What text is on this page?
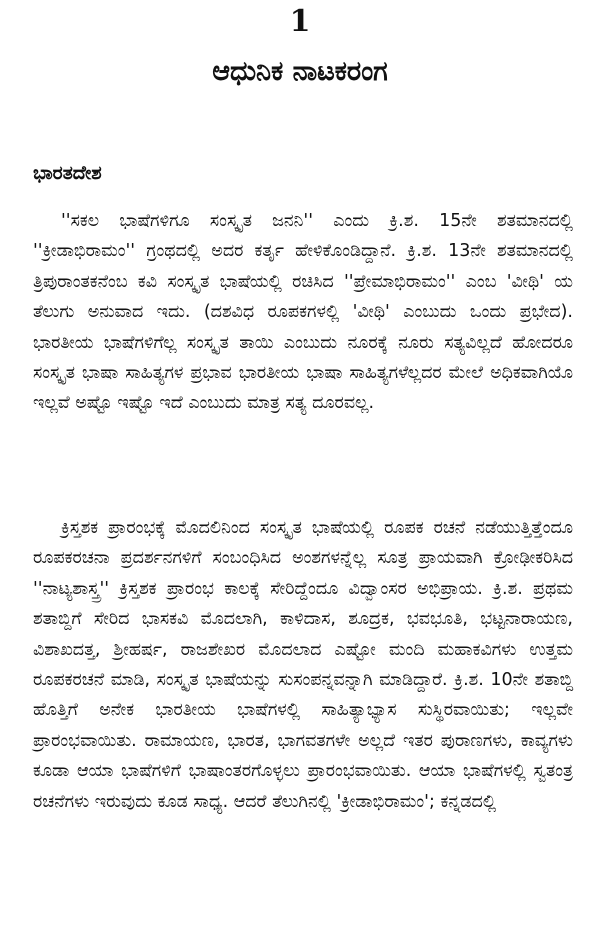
1
ಆಧುನಿಕ ನಾಟಕರಂಗ
ಭಾರತದೇಶ

''ಸಕಲ ಭಾಷೆಗಳಿಗೂ ಸಂಸ್ಕೃತ ಜನನಿ'' ಎಂದು ಕ್ರಿ.ಶ. 15ನೇ ಶತಮಾನದಲ್ಲಿ ''ಕ್ರೀಡಾಭಿರಾಮಂ'' ಗ್ರಂಥದಲ್ಲಿ ಅದರ ಕರ್ತೃ ಹೇಳಿಕೊಂಡಿದ್ದಾನೆ. ಕ್ರಿ.ಶ. 13ನೇ ಶತಮಾನದಲ್ಲಿ ತ್ರಿಪುರಾಂತಕನೆಂಬ ಕವಿ ಸಂಸ್ಕೃತ ಭಾಷೆಯಲ್ಲಿ ರಚಿಸಿದ ''ಪ್ರೇಮಾಭಿರಾಮಂ'' ಎಂಬ 'ವೀಥಿ' ಯ ತೆಲುಗು ಅನುವಾದ ಇದು. (ದಶವಿಧ ರೂಪಕಗಳಲ್ಲಿ 'ವೀಥಿ' ಎಂಬುದು ಒಂದು ಪ್ರಭೇದ). ಭಾರತೀಯ ಭಾಷೆಗಳಿಗೆಲ್ಲ ಸಂಸ್ಕೃತ ತಾಯಿ ಎಂಬುದು ನೂರಕ್ಕೆ ನೂರು ಸತ್ಯವಿಲ್ಲದೆ ಹೋದರೂ ಸಂಸ್ಕೃತ ಭಾಷಾ ಸಾಹಿತ್ಯಗಳ ಪ್ರಭಾವ ಭಾರತೀಯ ಭಾಷಾ ಸಾಹಿತ್ಯಗಳೆಲ್ಲದರ ಮೇಲೆ ಅಧಿಕವಾಗಿಯೊ ಇಲ್ಲವೆ ಅಷ್ಟೊ ಇಷ್ಟೊ ಇದೆ ಎಂಬುದು ಮಾತ್ರ ಸತ್ಯ ದೂರವಲ್ಲ.

ಕ್ರಿಸ್ತಶಕ ಪ್ರಾರಂಭಕ್ಕೆ ಮೊದಲಿನಿಂದ ಸಂಸ್ಕೃತ ಭಾಷೆಯಲ್ಲಿ ರೂಪಕ ರಚನೆ ನಡೆಯುತ್ತಿತ್ತೆಂದೂ ರೂಪಕರಚನಾ ಪ್ರದರ್ಶನಗಳಿಗೆ ಸಂಬಂಧಿಸಿದ ಅಂಶಗಳನ್ನೆಲ್ಲ ಸೂತ್ರ ಪ್ರಾಯವಾಗಿ ಕ್ರೋಢೀಕರಿಸಿದ ''ನಾಟ್ಯಶಾಸ್ತ್ರ'' ಕ್ರಿಸ್ತಶಕ ಪ್ರಾರಂಭ ಕಾಲಕ್ಕೆ ಸೇರಿದ್ದೆಂದೂ ವಿದ್ವಾಂಸರ ಅಭಿಪ್ರಾಯ. ಕ್ರಿ.ಶ. ಪ್ರಥಮ ಶತಾಬ್ದಿಗೆ ಸೇರಿದ ಭಾಸಕವಿ ಮೊದಲಾಗಿ, ಕಾಳಿದಾಸ, ಶೂದ್ರಕ, ಭವಭೂತಿ, ಭಟ್ಟನಾರಾಯಣ, ವಿಶಾಖದತ್ತ, ಶ್ರೀಹರ್ಷ, ರಾಜಶೇಖರ ಮೊದಲಾದ ಎಷ್ಟೋ ಮಂದಿ ಮಹಾಕವಿಗಳು ಉತ್ತಮ ರೂಪಕರಚನೆ ಮಾಡಿ, ಸಂಸ್ಕೃತ ಭಾಷೆಯನ್ನು ಸುಸಂಪನ್ನವನ್ನಾಗಿ ಮಾಡಿದ್ದಾರೆ. ಕ್ರಿ.ಶ. 10ನೇ ಶತಾಬ್ದಿ ಹೊತ್ತಿಗೆ ಅನೇಕ ಭಾರತೀಯ ಭಾಷೆಗಳಲ್ಲಿ ಸಾಹಿತ್ಯಾಭ್ಯಾಸ ಸುಸ್ಥಿರವಾಯಿತು; ಇಲ್ಲವೇ ಪ್ರಾರಂಭವಾಯಿತು. ರಾಮಾಯಣ, ಭಾರತ, ಭಾಗವತಗಳೇ ಅಲ್ಲದೆ ಇತರ ಪುರಾಣಗಳು, ಕಾವ್ಯಗಳು ಕೂಡಾ ಆಯಾ ಭಾಷೆಗಳಿಗೆ ಭಾಷಾಂತರಗೊಳ್ಳಲು ಪ್ರಾರಂಭವಾಯಿತು. ಆಯಾ ಭಾಷೆಗಳಲ್ಲಿ ಸ್ವತಂತ್ರ ರಚನೆಗಳು ಇರುವುದು ಕೂಡ ಸಾಧ್ಯ. ಆದರೆ ತೆಲುಗಿನಲ್ಲಿ 'ಕ್ರೀಡಾಭಿರಾಮಂ'; ಕನ್ನಡದಲ್ಲಿ
